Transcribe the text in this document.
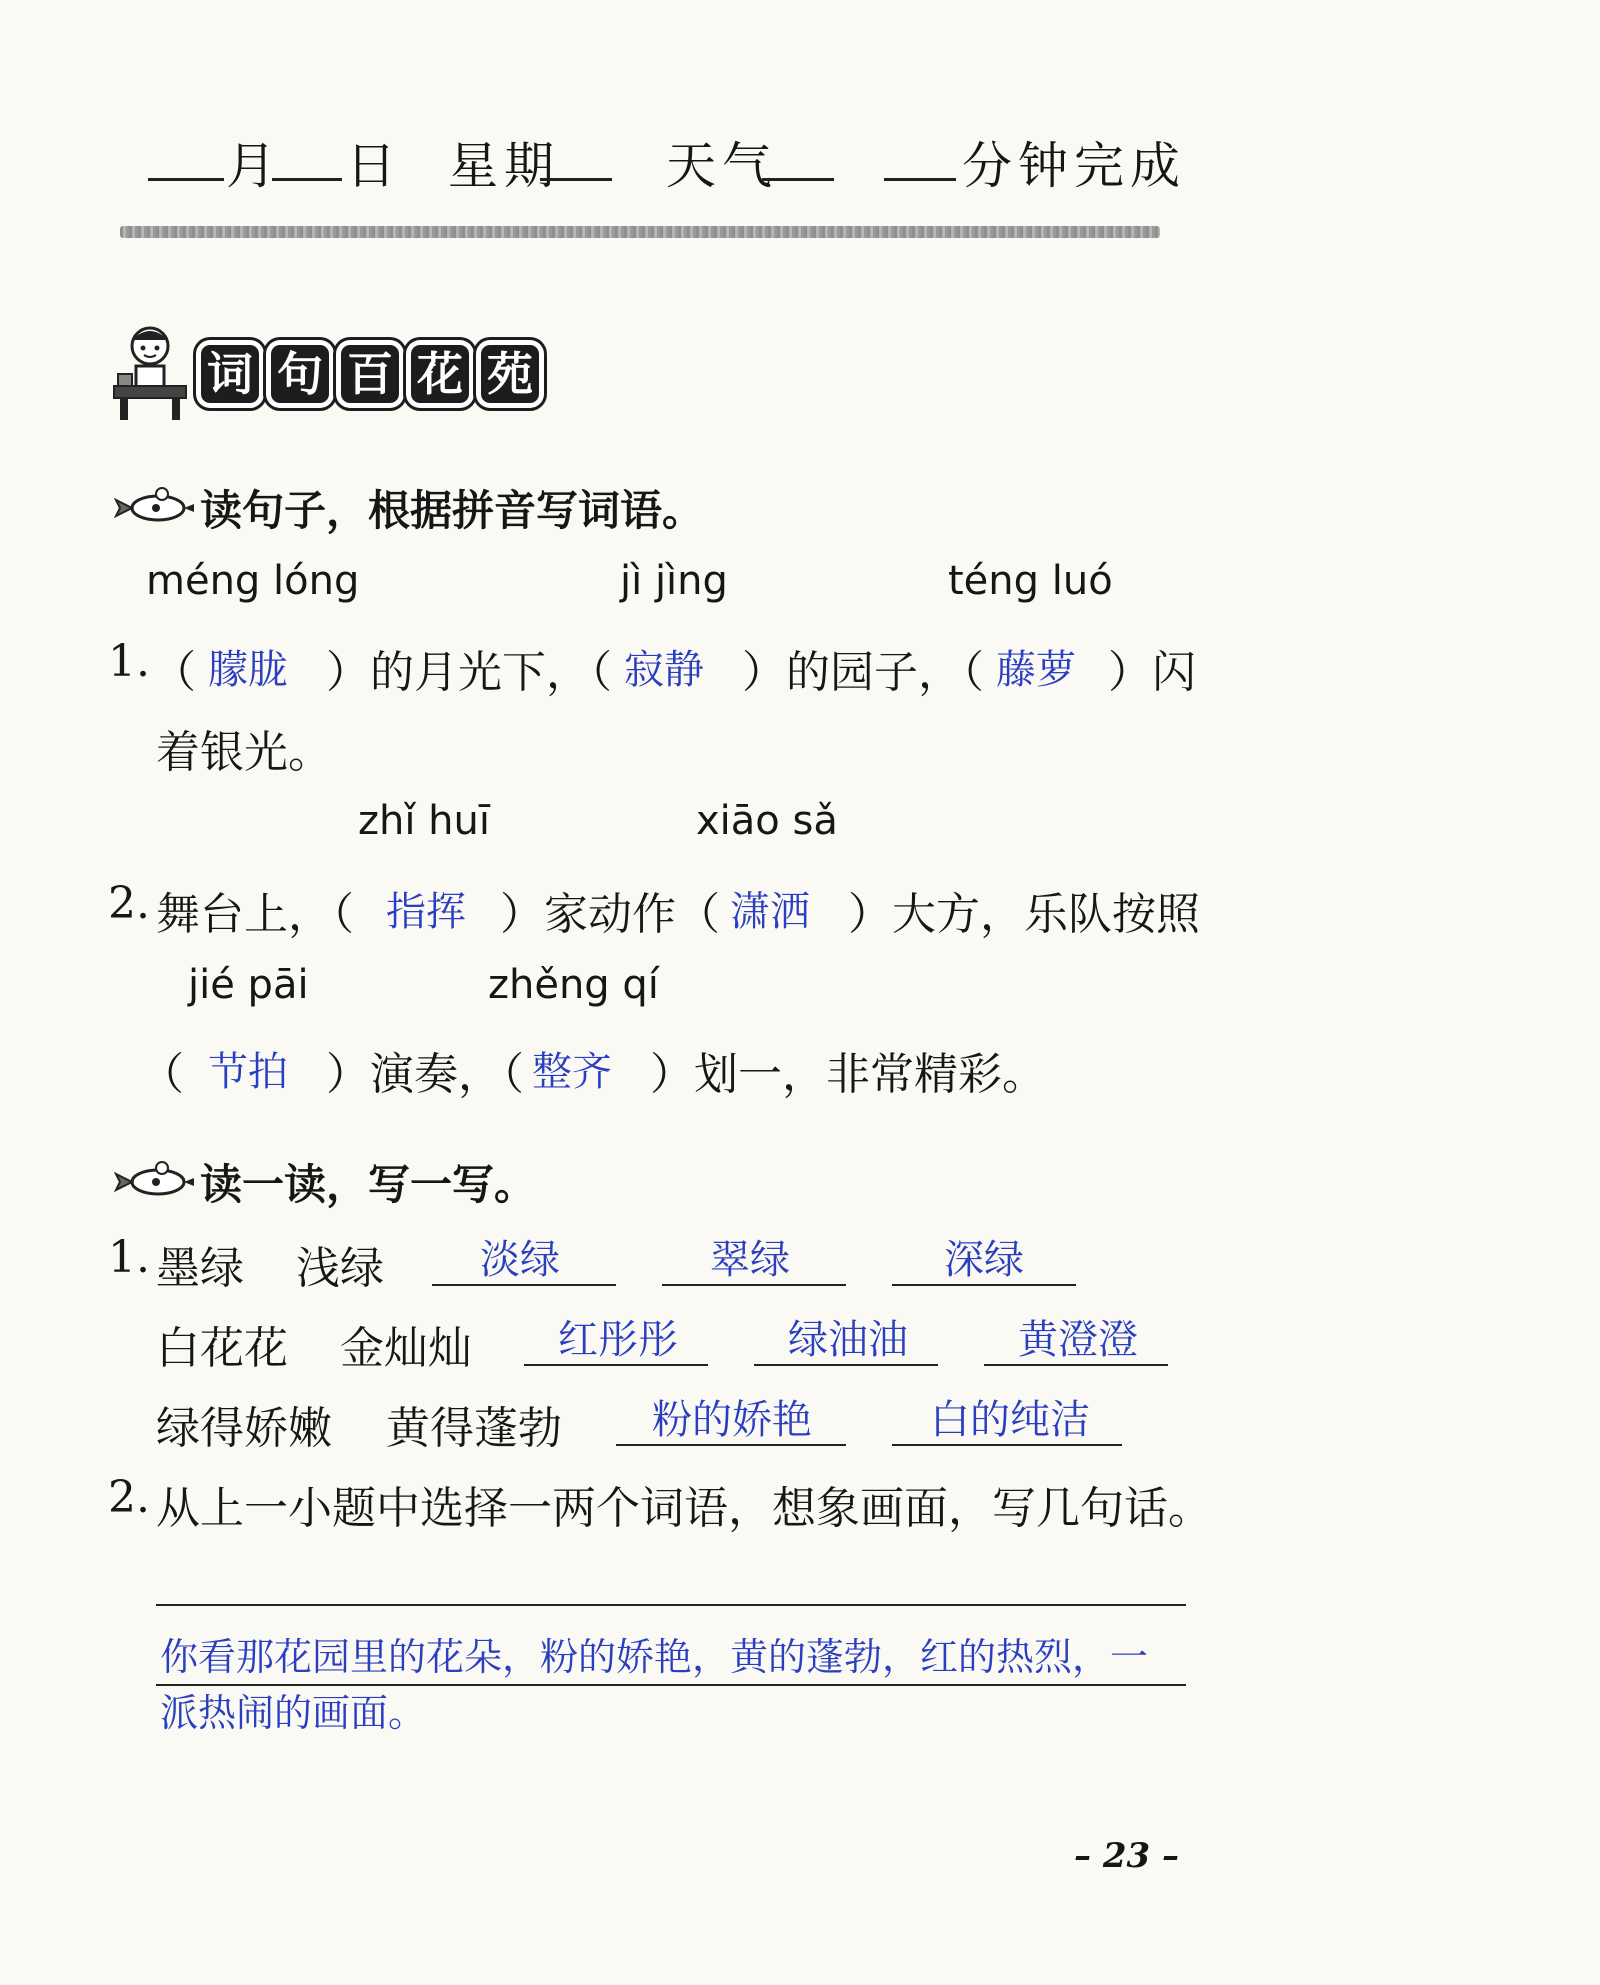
月 日 星期 天气	分钟完成
词 句 百 花 苑
读句子，根据拼音写词语。
méng lóng	jì jìng	téng luó
1. （ 朦胧 ）的月光下，（ 寂静 ）的园子，（ 藤萝 ）闪
着银光。
zhǐ huī	xiāo sǎ
2. 舞台上，（ 指挥 ）家动作（ 潇洒 ）大方，乐队按照
jié pāi	zhěng qí
（ 节拍 ）演奏，（ 整齐 ）划一，非常精彩。
读一读，写一写。
1. 墨绿 浅绿 淡绿	翠绿	深绿
白花花 金灿灿 红彤彤	绿油油	黄澄澄
绿得娇嫩 黄得蓬勃 粉的娇艳	白的纯洁
2. 从上一小题中选择一两个词语，想象画面，写几句话。
你看那花园里的花朵，粉的娇艳，黄的蓬勃，红的热烈，一
派热闹的画面。
– 23 –
